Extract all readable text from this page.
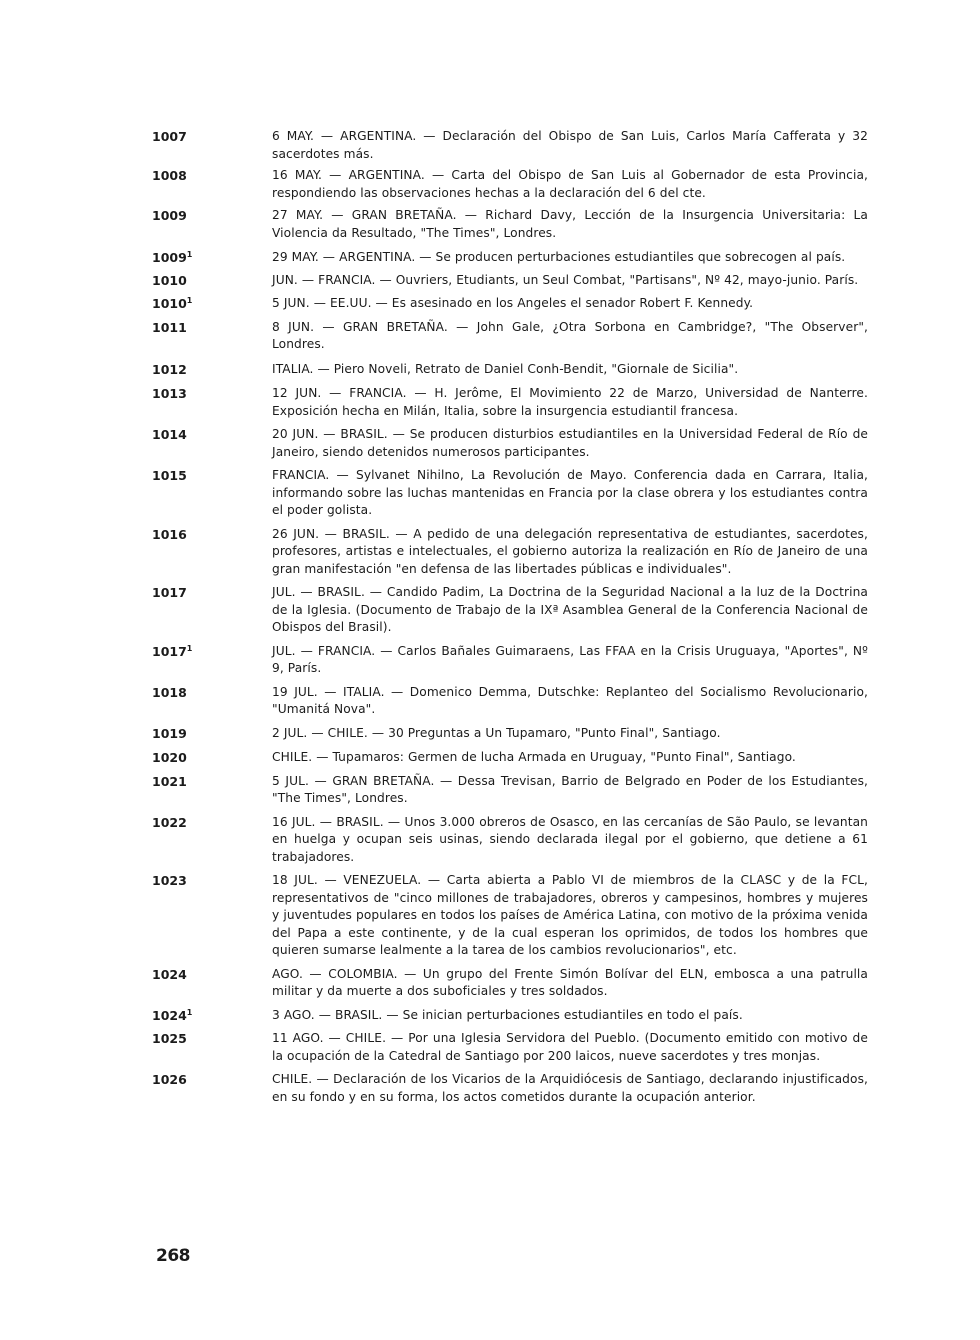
1007	6 MAY. — ARGENTINA. — Declaración del Obispo de San Luis, Carlos María Cafferata y 32 sacerdotes más.
1008	16 MAY. — ARGENTINA. — Carta del Obispo de San Luis al Gobernador de esta Provincia, respondiendo las observaciones hechas a la declaración del 6 del cte.
1009	27 MAY. — GRAN BRETAÑA. — Richard Davy, Lección de la Insurgencia Universitaria: La Violencia da Resultado, "The Times", Londres.
1009$^1$	29 MAY. — ARGENTINA. — Se producen perturbaciones estudiantiles que sobrecogen al país.
1010	JUN. — FRANCIA. — Ouvriers, Etudiants, un Seul Combat, "Partisans", Nº 42, mayo-junio. París.
1010$^1$	5 JUN. — EE.UU. — Es asesinado en los Angeles el senador Robert F. Kennedy.
1011	8 JUN. — GRAN BRETAÑA. — John Gale, ¿Otra Sorbona en Cambridge?, "The Observer", Londres.
1012	ITALIA. — Piero Noveli, Retrato de Daniel Conh-Bendit, "Giornale de Sicilia".
1013	12 JUN. — FRANCIA. — H. Jerôme, El Movimiento 22 de Marzo, Universidad de Nanterre. Exposición hecha en Milán, Italia, sobre la insurgencia estudiantil francesa.
1014	20 JUN. — BRASIL. — Se producen disturbios estudiantiles en la Universidad Federal de Río de Janeiro, siendo detenidos numerosos participantes.
1015	FRANCIA. — Sylvanet Nihilno, La Revolución de Mayo. Conferencia dada en Carrara, Italia, informando sobre las luchas mantenidas en Francia por la clase obrera y los estudiantes contra el poder golista.
1016	26 JUN. — BRASIL. — A pedido de una delegación representativa de estudiantes, sacerdotes, profesores, artistas e intelectuales, el gobierno autoriza la realización en Río de Janeiro de una gran manifestación "en defensa de las libertades públicas e individuales".
1017	JUL. — BRASIL. — Candido Padim, La Doctrina de la Seguridad Nacional a la luz de la Doctrina de la Iglesia. (Documento de Trabajo de la IXª Asamblea General de la Conferencia Nacional de Obispos del Brasil).
1017$^1$	JUL. — FRANCIA. — Carlos Bañales Guimaraens, Las FFAA en la Crisis Uruguaya, "Aportes", Nº 9, París.
1018	19 JUL. — ITALIA. — Domenico Demma, Dutschke: Replanteo del Socialismo Revolucionario, "Umanitá Nova".
1019	2 JUL. — CHILE. — 30 Preguntas a Un Tupamaro, "Punto Final", Santiago.
1020	CHILE. — Tupamaros: Germen de lucha Armada en Uruguay, "Punto Final", Santiago.
1021	5 JUL. — GRAN BRETAÑA. — Dessa Trevisan, Barrio de Belgrado en Poder de los Estudiantes, "The Times", Londres.
1022	16 JUL. — BRASIL. — Unos 3.000 obreros de Osasco, en las cercanías de São Paulo, se levantan en huelga y ocupan seis usinas, siendo declarada ilegal por el gobierno, que detiene a 61 trabajadores.
1023	18 JUL. — VENEZUELA. — Carta abierta a Pablo VI de miembros de la CLASC y de la FCL, representativos de "cinco millones de trabajadores, obreros y campesinos, hombres y mujeres y juventudes populares en todos los países de América Latina, con motivo de la próxima venida del Papa a este continente, y de la cual esperan los oprimidos, de todos los hombres que quieren sumarse lealmente a la tarea de los cambios revolucionarios", etc.
1024	AGO. — COLOMBIA. — Un grupo del Frente Simón Bolívar del ELN, embosca a una patrulla militar y da muerte a dos suboficiales y tres soldados.
1024$^1$	3 AGO. — BRASIL. — Se inician perturbaciones estudiantiles en todo el país.
1025	11 AGO. — CHILE. — Por una Iglesia Servidora del Pueblo. (Documento emitido con motivo de la ocupación de la Catedral de Santiago por 200 laicos, nueve sacerdotes y tres monjas.
1026	CHILE. — Declaración de los Vicarios de la Arquidiócesis de Santiago, declarando injustificados, en su fondo y en su forma, los actos cometidos durante la ocupación anterior.
268
